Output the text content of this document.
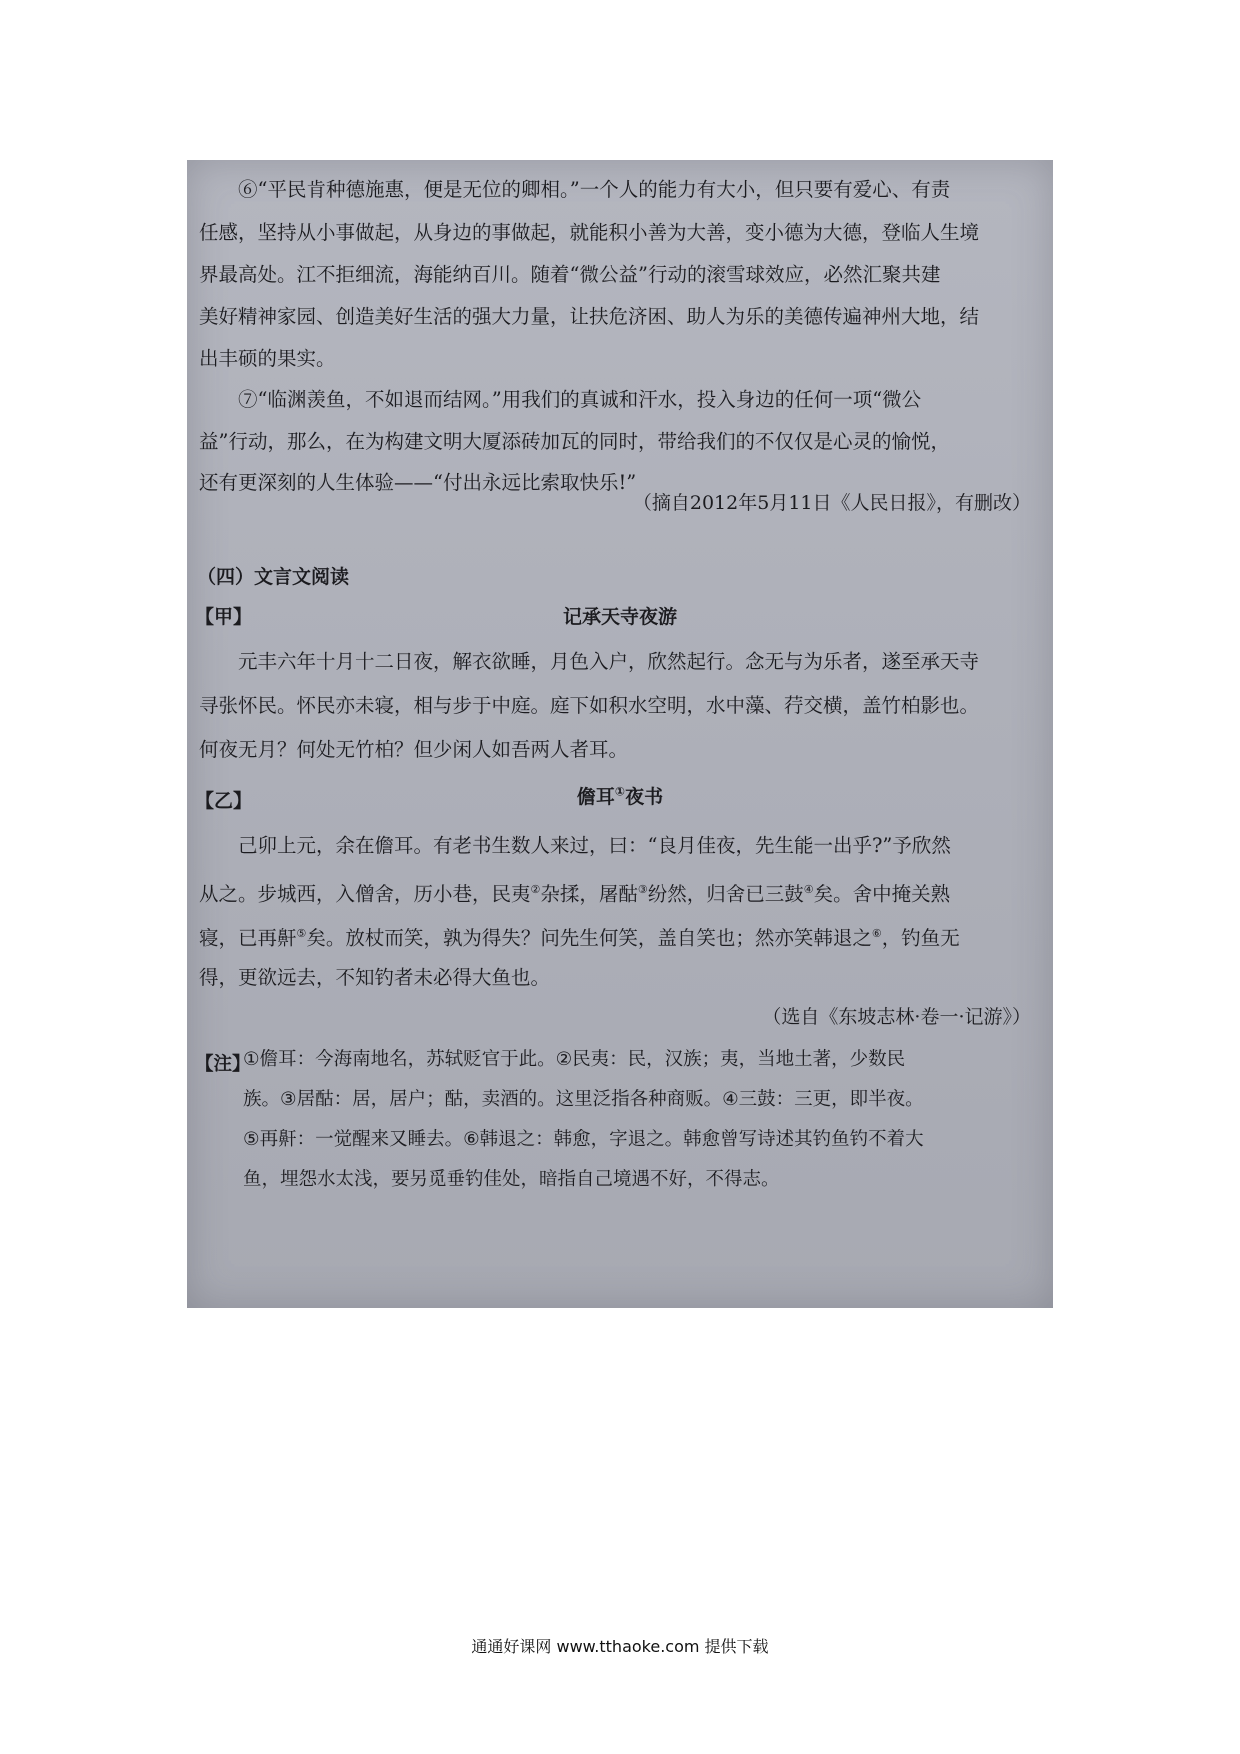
⑥“平民肯种德施惠，便是无位的卿相。”一个人的能力有大小，但只要有爱心、有责

任感，坚持从小事做起，从身边的事做起，就能积小善为大善，变小德为大德，登临人生境

界最高处。江不拒细流，海能纳百川。随着“微公益”行动的滚雪球效应，必然汇聚共建

美好精神家园、创造美好生活的强大力量，让扶危济困、助人为乐的美德传遍神州大地，结

出丰硕的果实。

⑦“临渊羡鱼，不如退而结网。”用我们的真诚和汗水，投入身边的任何一项“微公

益”行动，那么，在为构建文明大厦添砖加瓦的同时，带给我们的不仅仅是心灵的愉悦，

还有更深刻的人生体验——“付出永远比索取快乐!”

（摘自2012年5月11日《人民日报》，有删改）
（四）文言文阅读
【甲】	记承天寺夜游

元丰六年十月十二日夜，解衣欲睡，月色入户，欣然起行。念无与为乐者，遂至承天寺

寻张怀民。怀民亦未寝，相与步于中庭。庭下如积水空明，水中藻、荇交横，盖竹柏影也。

何夜无月？何处无竹柏？但少闲人如吾两人者耳。

【乙】	儋耳①夜书

己卯上元，余在儋耳。有老书生数人来过，曰：“良月佳夜，先生能一出乎?”予欣然

从之。步城西，入僧舍，历小巷，民夷②杂揉，屠酤③纷然，归舍已三鼓④矣。舍中掩关熟

寝，已再鼾⑤矣。放杖而笑，孰为得失？问先生何笑，盖自笑也；然亦笑韩退之⑥，钓鱼无

得，更欲远去，不知钓者未必得大鱼也。

（选自《东坡志林·卷一·记游》）
【注】

①儋耳：今海南地名，苏轼贬官于此。②民夷：民，汉族；夷，当地土著，少数民

族。③居酤：居，居户；酤，卖酒的。这里泛指各种商贩。④三鼓：三更，即半夜。

⑤再鼾：一觉醒来又睡去。⑥韩退之：韩愈，字退之。韩愈曾写诗述其钓鱼钓不着大

鱼，埋怨水太浅，要另觅垂钓佳处，暗指自己境遇不好，不得志。

通通好课网 www.tthaoke.com 提供下载
